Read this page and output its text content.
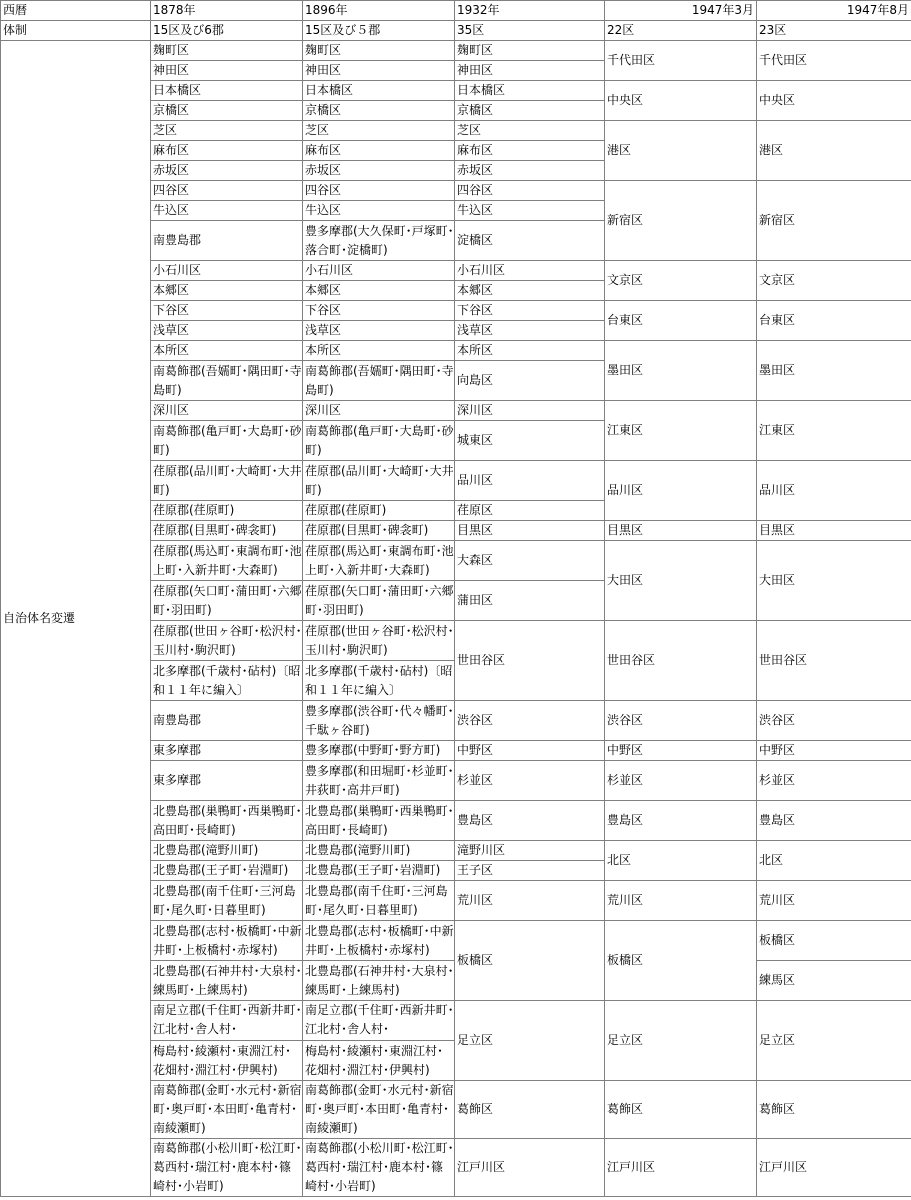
西暦	1878年	1896年	1932年	1947年3月	1947年8月
体制	15区及び6郡	15区及び５郡	35区	22区	23区
自治体名変遷	麹町区	麹町区	麹町区	千代田区	千代田区
	神田区	神田区	神田区		
	日本橋区	日本橋区	日本橋区	中央区	中央区
	京橋区	京橋区	京橋区		
	芝区	芝区	芝区	港区	港区
	麻布区	麻布区	麻布区		
	赤坂区	赤坂区	赤坂区		
	四谷区	四谷区	四谷区	新宿区	新宿区
	牛込区	牛込区	牛込区		
	南豊島郡	豊多摩郡(大久保町･戸塚町･落合町･淀橋町)	淀橋区		
	小石川区	小石川区	小石川区	文京区	文京区
	本郷区	本郷区	本郷区		
	下谷区	下谷区	下谷区	台東区	台東区
	浅草区	浅草区	浅草区		
	本所区	本所区	本所区	墨田区	墨田区
	南葛飾郡(吾嬬町･隅田町･寺島町)	南葛飾郡(吾嬬町･隅田町･寺島町)	向島区		
	深川区	深川区	深川区	江東区	江東区
	南葛飾郡(亀戸町･大島町･砂町)	南葛飾郡(亀戸町･大島町･砂町)	城東区		
	荏原郡(品川町･大崎町･大井町)	荏原郡(品川町･大崎町･大井町)	品川区	品川区	品川区
	荏原郡(荏原町)	荏原郡(荏原町)	荏原区		
	荏原郡(目黒町･碑衾町)	荏原郡(目黒町･碑衾町)	目黒区	目黒区	目黒区
	荏原郡(馬込町･東調布町･池上町･入新井町･大森町)	荏原郡(馬込町･東調布町･池上町･入新井町･大森町)	大森区	大田区	大田区
	荏原郡(矢口町･蒲田町･六郷町･羽田町)	荏原郡(矢口町･蒲田町･六郷町･羽田町)	蒲田区		
	荏原郡(世田ヶ谷町･松沢村･玉川村･駒沢町)	荏原郡(世田ヶ谷町･松沢村･玉川村･駒沢町)	世田谷区	世田谷区	世田谷区
	北多摩郡(千歳村･砧村)〔昭和１１年に編入〕	北多摩郡(千歳村･砧村)〔昭和１１年に編入〕			
	南豊島郡	豊多摩郡(渋谷町･代々幡町･千駄ヶ谷町)	渋谷区	渋谷区	渋谷区
	東多摩郡	豊多摩郡(中野町･野方町)	中野区	中野区	中野区
	東多摩郡	豊多摩郡(和田堀町･杉並町･井荻町･高井戸町)	杉並区	杉並区	杉並区
	北豊島郡(巣鴨町･西巣鴨町･高田町･長崎町)	北豊島郡(巣鴨町･西巣鴨町･高田町･長崎町)	豊島区	豊島区	豊島区
	北豊島郡(滝野川町)	北豊島郡(滝野川町)	滝野川区	北区	北区
	北豊島郡(王子町･岩淵町)	北豊島郡(王子町･岩淵町)	王子区		
	北豊島郡(南千住町･三河島町･尾久町･日暮里町)	北豊島郡(南千住町･三河島町･尾久町･日暮里町)	荒川区	荒川区	荒川区
	北豊島郡(志村･板橋町･中新井町･上板橋村･赤塚村)	北豊島郡(志村･板橋町･中新井町･上板橋村･赤塚村)	板橋区	板橋区	板橋区
	北豊島郡(石神井村･大泉村･練馬町･上練馬村)	北豊島郡(石神井村･大泉村･練馬町･上練馬村)			練馬区
	南足立郡(千住町･西新井町･江北村･舎人村･	南足立郡(千住町･西新井町･江北村･舎人村･	足立区	足立区	足立区
	梅島村･綾瀬村･東淵江村･花畑村･淵江村･伊興村)	梅島村･綾瀬村･東淵江村･花畑村･淵江村･伊興村)			
	南葛飾郡(金町･水元村･新宿町･奥戸町･本田町･亀青村･南綾瀬町)	南葛飾郡(金町･水元村･新宿町･奥戸町･本田町･亀青村･南綾瀬町)	葛飾区	葛飾区	葛飾区
	南葛飾郡(小松川町･松江町･葛西村･瑞江村･鹿本村･篠崎村･小岩町)	南葛飾郡(小松川町･松江町･葛西村･瑞江村･鹿本村･篠崎村･小岩町)	江戸川区	江戸川区	江戸川区
